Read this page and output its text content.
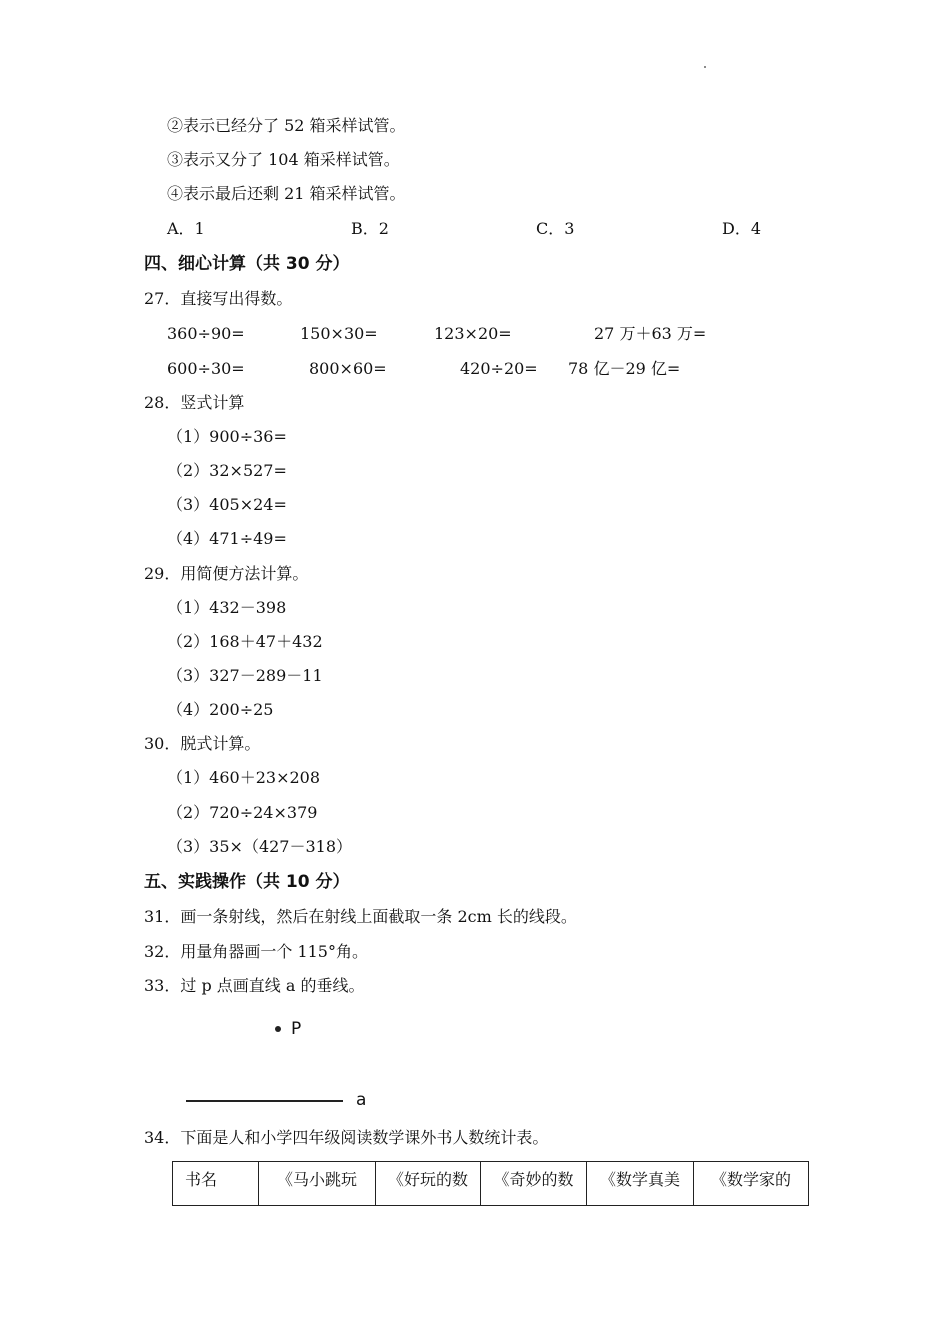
②表示已经分了 52 箱采样试管。
③表示又分了 104 箱采样试管。
④表示最后还剩 21 箱采样试管。
A．1	B．2	C．3	D．4
四、细心计算（共 30 分）
27．直接写出得数。
360÷90=	150×30=	123×20=	27 万＋63 万=
600÷30=	800×60=	420÷20= 78 亿－29 亿=
28．竖式计算
（1）900÷36=
（2）32×527=
（3）405×24=
（4）471÷49=
29．用简便方法计算。
（1）432－398
（2）168＋47＋432
（3）327－289－11
（4）200÷25
30．脱式计算。
（1）460＋23×208
（2）720÷24×379
（3）35×（427－318）
五、实践操作（共 10 分）
31．画一条射线，然后在射线上面截取一条 2cm 长的线段。
32．用量角器画一个 115°角。
33．过 p 点画直线 a 的垂线。
P
a
34．下面是人和小学四年级阅读数学课外书人数统计表。
书名	《马小跳玩	《好玩的数	《奇妙的数	《数学真美	《数学家的
